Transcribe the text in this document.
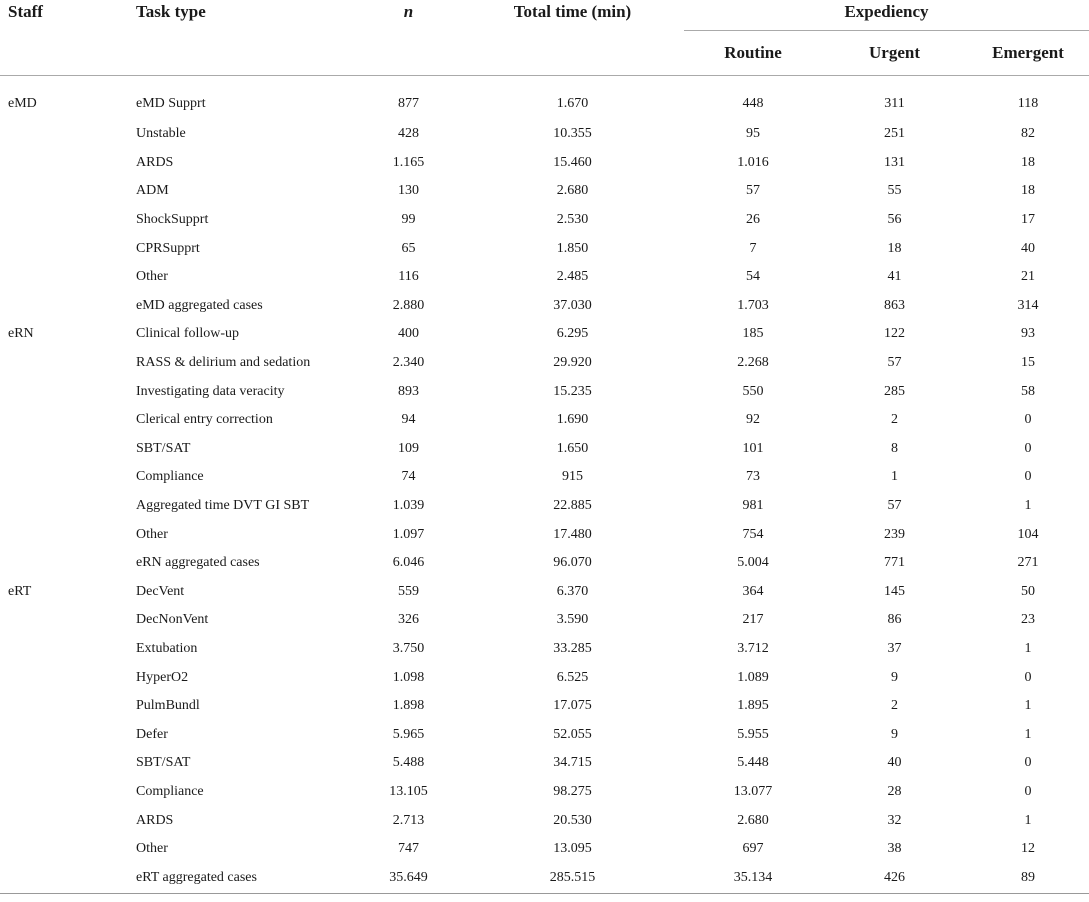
Staff	Task type	n	Total time (min)	Expediency		
				Routine	Urgent	Emergent
eMD	eMD Supprt	877	1.670	448	311	118
	Unstable	428	10.355	95	251	82
	ARDS	1.165	15.460	1.016	131	18
	ADM	130	2.680	57	55	18
	ShockSupprt	99	2.530	26	56	17
	CPRSupprt	65	1.850	7	18	40
	Other	116	2.485	54	41	21
	eMD aggregated cases	2.880	37.030	1.703	863	314
eRN	Clinical follow-up	400	6.295	185	122	93
	RASS & delirium and sedation	2.340	29.920	2.268	57	15
	Investigating data veracity	893	15.235	550	285	58
	Clerical entry correction	94	1.690	92	2	0
	SBT/SAT	109	1.650	101	8	0
	Compliance	74	915	73	1	0
	Aggregated time DVT GI SBT	1.039	22.885	981	57	1
	Other	1.097	17.480	754	239	104
	eRN aggregated cases	6.046	96.070	5.004	771	271
eRT	DecVent	559	6.370	364	145	50
	DecNonVent	326	3.590	217	86	23
	Extubation	3.750	33.285	3.712	37	1
	HyperO2	1.098	6.525	1.089	9	0
	PulmBundl	1.898	17.075	1.895	2	1
	Defer	5.965	52.055	5.955	9	1
	SBT/SAT	5.488	34.715	5.448	40	0
	Compliance	13.105	98.275	13.077	28	0
	ARDS	2.713	20.530	2.680	32	1
	Other	747	13.095	697	38	12
	eRT aggregated cases	35.649	285.515	35.134	426	89
